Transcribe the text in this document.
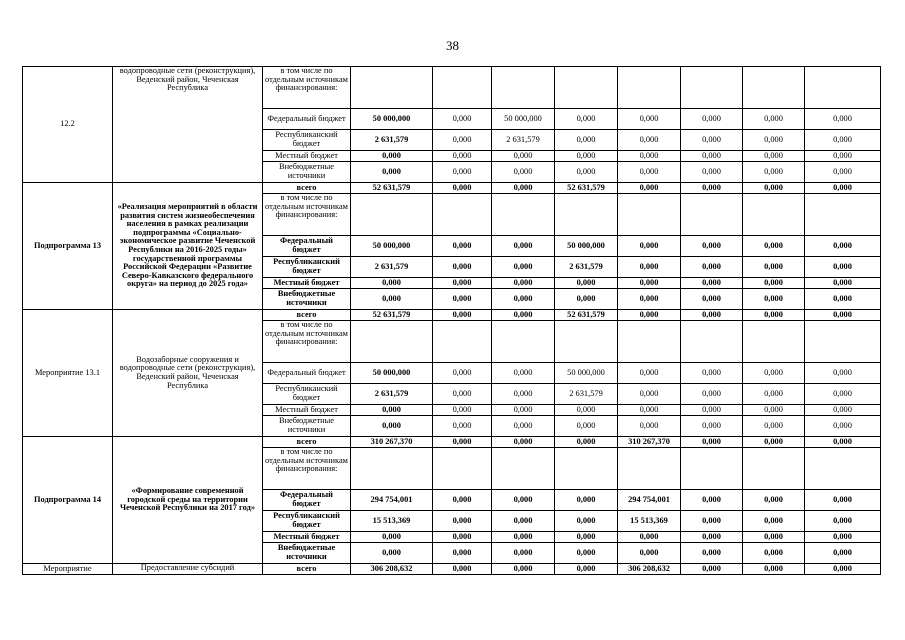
38
12.2	водопроводные сети (реконструкция), Веденский район, Чеченская Республика	в том числе по отдельным источникам финансирования:								
		Федеральный бюджет	50 000,000	0,000	50 000,000	0,000	0,000	0,000	0,000	0,000
		Республиканский бюджет	2 631,579	0,000	2 631,579	0,000	0,000	0,000	0,000	0,000
		Местный бюджет	0,000	0,000	0,000	0,000	0,000	0,000	0,000	0,000
		Внебюджетные источники	0,000	0,000	0,000	0,000	0,000	0,000	0,000	0,000
Подпрограмма 13	«Реализация мероприятий в области развития систем жизнеобеспечения населения в рамках реализации подпрограммы «Социально-экономическое развитие Чеченской Республики на 2016-2025 годы» государственной программы Российской Федерации «Развитие Северо-Кавказского федерального округа» на период до 2025 года»	всего	52 631,579	0,000	0,000	52 631,579	0,000	0,000	0,000	0,000
		в том числе по отдельным источникам финансирования:								
		Федеральный бюджет	50 000,000	0,000	0,000	50 000,000	0,000	0,000	0,000	0,000
		Республиканский бюджет	2 631,579	0,000	0,000	2 631,579	0,000	0,000	0,000	0,000
		Местный бюджет	0,000	0,000	0,000	0,000	0,000	0,000	0,000	0,000
		Внебюджетные источники	0,000	0,000	0,000	0,000	0,000	0,000	0,000	0,000
Мероприятие 13.1	Водозаборные сооружения и водопроводные сети (реконструкция), Веденский район, Чеченская Республика	всего	52 631,579	0,000	0,000	52 631,579	0,000	0,000	0,000	0,000
		в том числе по отдельным источникам финансирования:								
		Федеральный бюджет	50 000,000	0,000	0,000	50 000,000	0,000	0,000	0,000	0,000
		Республиканский бюджет	2 631,579	0,000	0,000	2 631,579	0,000	0,000	0,000	0,000
		Местный бюджет	0,000	0,000	0,000	0,000	0,000	0,000	0,000	0,000
		Внебюджетные источники	0,000	0,000	0,000	0,000	0,000	0,000	0,000	0,000
Подпрограмма 14	«Формирование современной городской среды на территории Чеченской Республики на 2017 год»	всего	310 267,370	0,000	0,000	0,000	310 267,370	0,000	0,000	0,000
		в том числе по отдельным источникам финансирования:								
		Федеральный бюджет	294 754,001	0,000	0,000	0,000	294 754,001	0,000	0,000	0,000
		Республиканский бюджет	15 513,369	0,000	0,000	0,000	15 513,369	0,000	0,000	0,000
		Местный бюджет	0,000	0,000	0,000	0,000	0,000	0,000	0,000	0,000
		Внебюджетные источники	0,000	0,000	0,000	0,000	0,000	0,000	0,000	0,000
Мероприятие	Предоставление субсидий	всего	306 208,632	0,000	0,000	0,000	306 208,632	0,000	0,000	0,000
